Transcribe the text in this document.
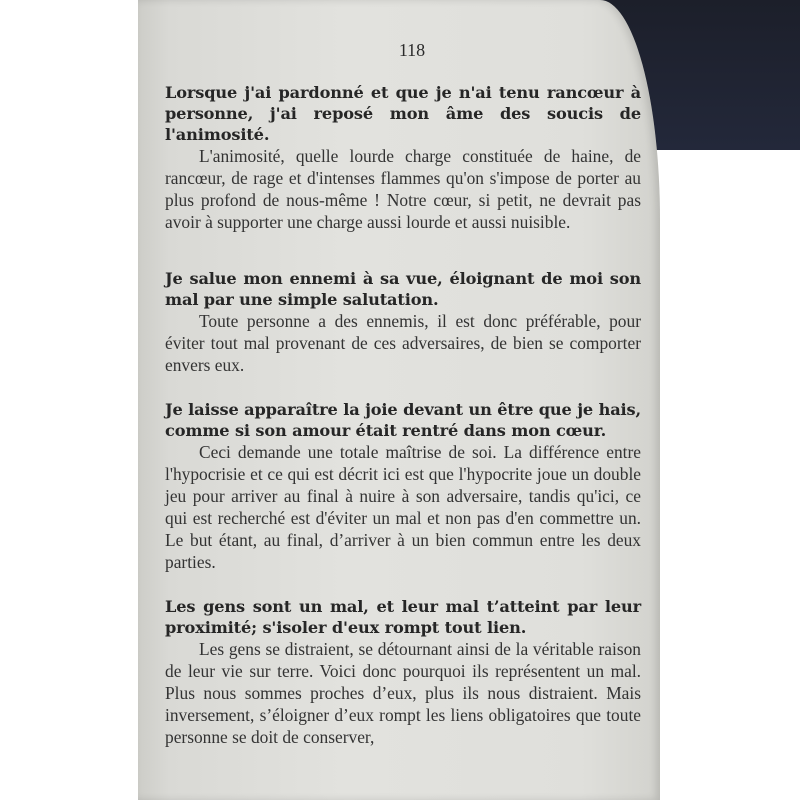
118

Lorsque j'ai pardonné et que je n'ai tenu rancœur à personne, j'ai reposé mon âme des soucis de l'animosité.

L'animosité, quelle lourde charge constituée de haine, de rancœur, de rage et d'intenses flammes qu'on s'impose de porter au plus profond de nous-même ! Notre cœur, si petit, ne devrait pas avoir à supporter une charge aussi lourde et aussi nuisible.

Je salue mon ennemi à sa vue, éloignant de moi son mal par une simple salutation.

Toute personne a des ennemis, il est donc préférable, pour éviter tout mal provenant de ces adversaires, de bien se comporter envers eux.

Je laisse apparaître la joie devant un être que je hais, comme si son amour était rentré dans mon cœur.

Ceci demande une totale maîtrise de soi. La différence entre l'hypocrisie et ce qui est décrit ici est que l'hypocrite joue un double jeu pour arriver au final à nuire à son adversaire, tandis qu'ici, ce qui est recherché est d'éviter un mal et non pas d'en commettre un. Le but étant, au final, d’arriver à un bien commun entre les deux parties.

Les gens sont un mal, et leur mal t’atteint par leur proximité; s'isoler d'eux rompt tout lien.

Les gens se distraient, se détournant ainsi de la véritable raison de leur vie sur terre. Voici donc pourquoi ils représentent un mal. Plus nous sommes proches d’eux, plus ils nous distraient. Mais inversement, s’éloigner d’eux rompt les liens obligatoires que toute personne se doit de conserver,
